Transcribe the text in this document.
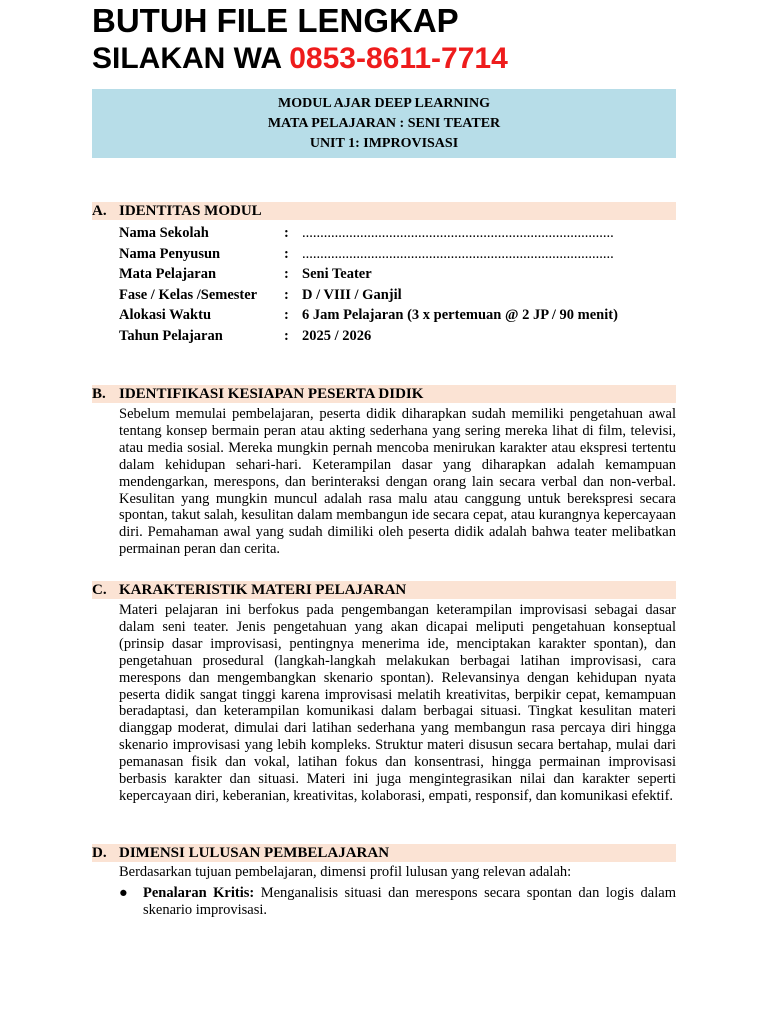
BUTUH FILE LENGKAP
SILAKAN WA 0853-8611-7714
MODUL AJAR DEEP LEARNING
MATA PELAJARAN : SENI TEATER
UNIT 1: IMPROVISASI
A. IDENTITAS MODUL
Nama Sekolah	: ......................................................................................
Nama Penyusun	: ......................................................................................
Mata Pelajaran	: Seni Teater
Fase / Kelas /Semester : D / VIII / Ganjil
Alokasi Waktu	: 6 Jam Pelajaran (3 x pertemuan @ 2 JP / 90 menit)
Tahun Pelajaran	: 2025 / 2026
B. IDENTIFIKASI KESIAPAN PESERTA DIDIK
Sebelum memulai pembelajaran, peserta didik diharapkan sudah memiliki pengetahuan awal tentang konsep bermain peran atau akting sederhana yang sering mereka lihat di film, televisi, atau media sosial. Mereka mungkin pernah mencoba menirukan karakter atau ekspresi tertentu dalam kehidupan sehari-hari. Keterampilan dasar yang diharapkan adalah kemampuan mendengarkan, merespons, dan berinteraksi dengan orang lain secara verbal dan non-verbal. Kesulitan yang mungkin muncul adalah rasa malu atau canggung untuk berekspresi secara spontan, takut salah, kesulitan dalam membangun ide secara cepat, atau kurangnya kepercayaan diri. Pemahaman awal yang sudah dimiliki oleh peserta didik adalah bahwa teater melibatkan permainan peran dan cerita.
C. KARAKTERISTIK MATERI PELAJARAN
Materi pelajaran ini berfokus pada pengembangan keterampilan improvisasi sebagai dasar dalam seni teater. Jenis pengetahuan yang akan dicapai meliputi pengetahuan konseptual (prinsip dasar improvisasi, pentingnya menerima ide, menciptakan karakter spontan), dan pengetahuan prosedural (langkah-langkah melakukan berbagai latihan improvisasi, cara merespons dan mengembangkan skenario spontan). Relevansinya dengan kehidupan nyata peserta didik sangat tinggi karena improvisasi melatih kreativitas, berpikir cepat, kemampuan beradaptasi, dan keterampilan komunikasi dalam berbagai situasi. Tingkat kesulitan materi dianggap moderat, dimulai dari latihan sederhana yang membangun rasa percaya diri hingga skenario improvisasi yang lebih kompleks. Struktur materi disusun secara bertahap, mulai dari pemanasan fisik dan vokal, latihan fokus dan konsentrasi, hingga permainan improvisasi berbasis karakter dan situasi. Materi ini juga mengintegrasikan nilai dan karakter seperti kepercayaan diri, keberanian, kreativitas, kolaborasi, empati, responsif, dan komunikasi efektif.
D. DIMENSI LULUSAN PEMBELAJARAN
Berdasarkan tujuan pembelajaran, dimensi profil lulusan yang relevan adalah:
● Penalaran Kritis: Menganalisis situasi dan merespons secara spontan dan logis dalam skenario improvisasi.
